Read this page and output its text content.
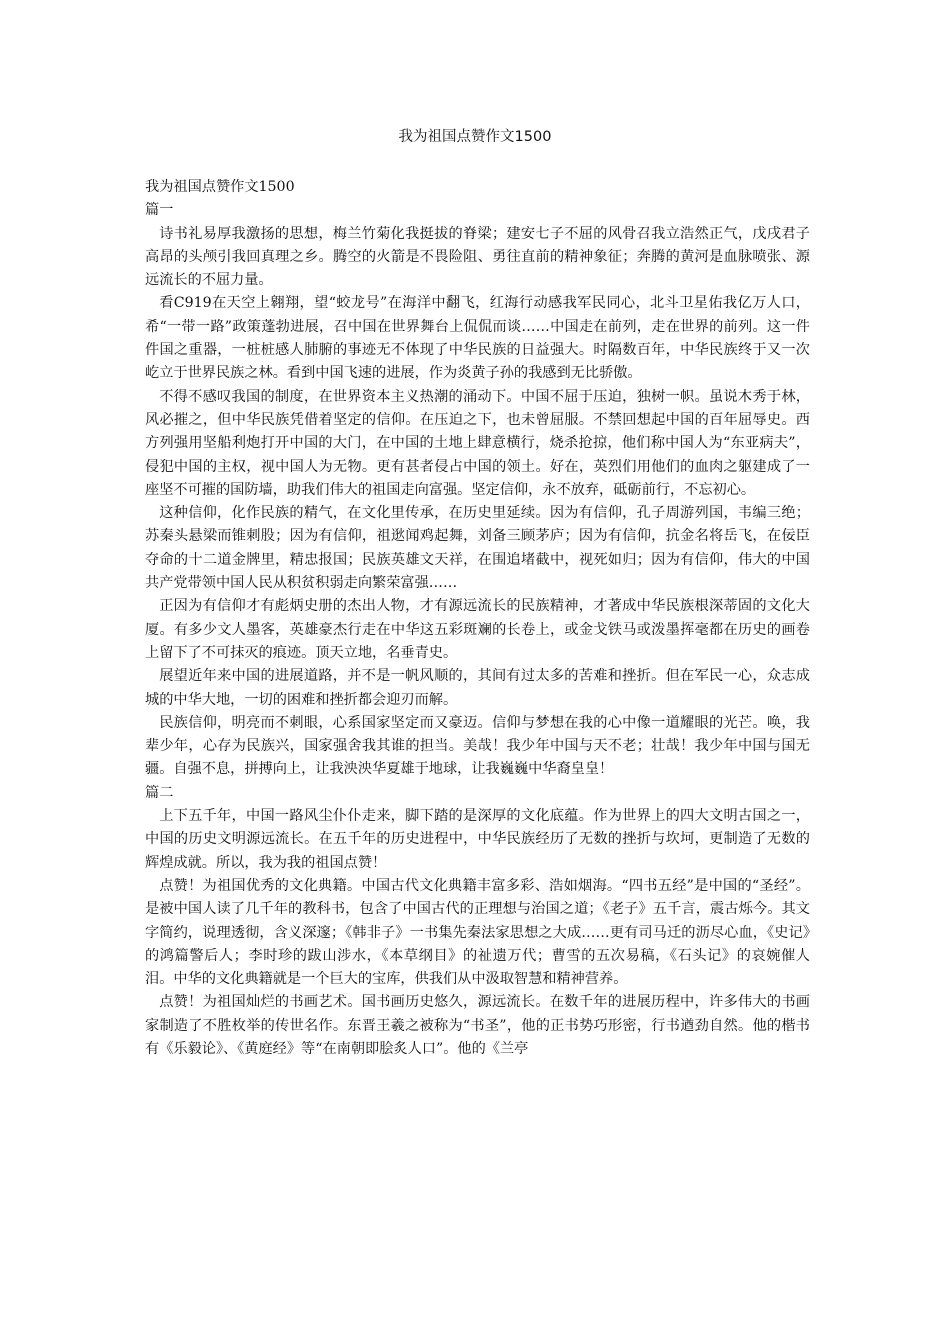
我为祖国点赞作文1500

我为祖国点赞作文1500

篇一

诗书礼易厚我激扬的思想，梅兰竹菊化我挺拔的脊梁；建安七子不屈的风骨召我立浩然正气，戊戌君子高昂的头颅引我回真理之乡。腾空的火箭是不畏险阻、勇往直前的精神象征；奔腾的黄河是血脉喷张、源远流长的不屈力量。

看C919在天空上翱翔，望“蛟龙号”在海洋中翻飞，红海行动感我军民同心，北斗卫星佑我亿万人口，希“一带一路”政策蓬勃进展，召中国在世界舞台上侃侃而谈……中国走在前列，走在世界的前列。这一件件国之重器，一桩桩感人肺腑的事迹无不体现了中华民族的日益强大。时隔数百年，中华民族终于又一次屹立于世界民族之林。看到中国飞速的进展，作为炎黄子孙的我感到无比骄傲。

不得不感叹我国的制度，在世界资本主义热潮的涌动下。中国不屈于压迫，独树一帜。虽说木秀于林，风必摧之，但中华民族凭借着坚定的信仰。在压迫之下，也未曾屈服。不禁回想起中国的百年屈辱史。西方列强用坚船利炮打开中国的大门，在中国的土地上肆意横行，烧杀抢掠，他们称中国人为“东亚病夫”，侵犯中国的主权，视中国人为无物。更有甚者侵占中国的领土。好在，英烈们用他们的血肉之躯建成了一座坚不可摧的国防墙，助我们伟大的祖国走向富强。坚定信仰，永不放弃，砥砺前行，不忘初心。

这种信仰，化作民族的精气，在文化里传承，在历史里延续。因为有信仰，孔子周游列国，韦编三绝；苏秦头悬梁而锥刺股；因为有信仰，祖逖闻鸡起舞，刘备三顾茅庐；因为有信仰，抗金名将岳飞，在佞臣夺命的十二道金牌里，精忠报国；民族英雄文天祥，在围追堵截中，视死如归；因为有信仰，伟大的中国共产党带领中国人民从积贫积弱走向繁荣富强……

正因为有信仰才有彪炳史册的杰出人物，才有源远流长的民族精神，才著成中华民族根深蒂固的文化大厦。有多少文人墨客，英雄豪杰行走在中华这五彩斑斓的长卷上，或金戈铁马或泼墨挥毫都在历史的画卷上留下了不可抹灭的痕迹。顶天立地，名垂青史。

展望近年来中国的进展道路，并不是一帆风顺的，其间有过太多的苦难和挫折。但在军民一心，众志成城的中华大地，一切的困难和挫折都会迎刃而解。

民族信仰，明亮而不刺眼，心系国家坚定而又豪迈。信仰与梦想在我的心中像一道耀眼的光芒。唤，我辈少年，心存为民族兴，国家强舍我其谁的担当。美哉！我少年中国与天不老；壮哉！我少年中国与国无疆。自强不息，拼搏向上，让我泱泱华夏雄于地球，让我巍巍中华裔皇皇！

篇二

上下五千年，中国一路风尘仆仆走来，脚下踏的是深厚的文化底蕴。作为世界上的四大文明古国之一，中国的历史文明源远流长。在五千年的历史进程中，中华民族经历了无数的挫折与坎坷，更制造了无数的辉煌成就。所以，我为我的祖国点赞！

点赞！为祖国优秀的文化典籍。中国古代文化典籍丰富多彩、浩如烟海。“四书五经”是中国的“圣经”。是被中国人读了几千年的教科书，包含了中国古代的正理想与治国之道；《老子》五千言，震古烁今。其文字简约，说理透彻，含义深邃；《韩非子》一书集先秦法家思想之大成……更有司马迁的沥尽心血，《史记》的鸿篇警后人；李时珍的跋山涉水，《本草纲目》的祉遗万代；曹雪的五次易稿，《石头记》的哀婉催人泪。中华的文化典籍就是一个巨大的宝库，供我们从中汲取智慧和精神营养。

点赞！为祖国灿烂的书画艺术。国书画历史悠久，源远流长。在数千年的进展历程中，许多伟大的书画家制造了不胜枚举的传世名作。东晋王羲之被称为“书圣”，他的正书势巧形密，行书遒劲自然。他的楷书有《乐毅论》、《黄庭经》等“在南朝即脍炙人口”。他的《兰亭
